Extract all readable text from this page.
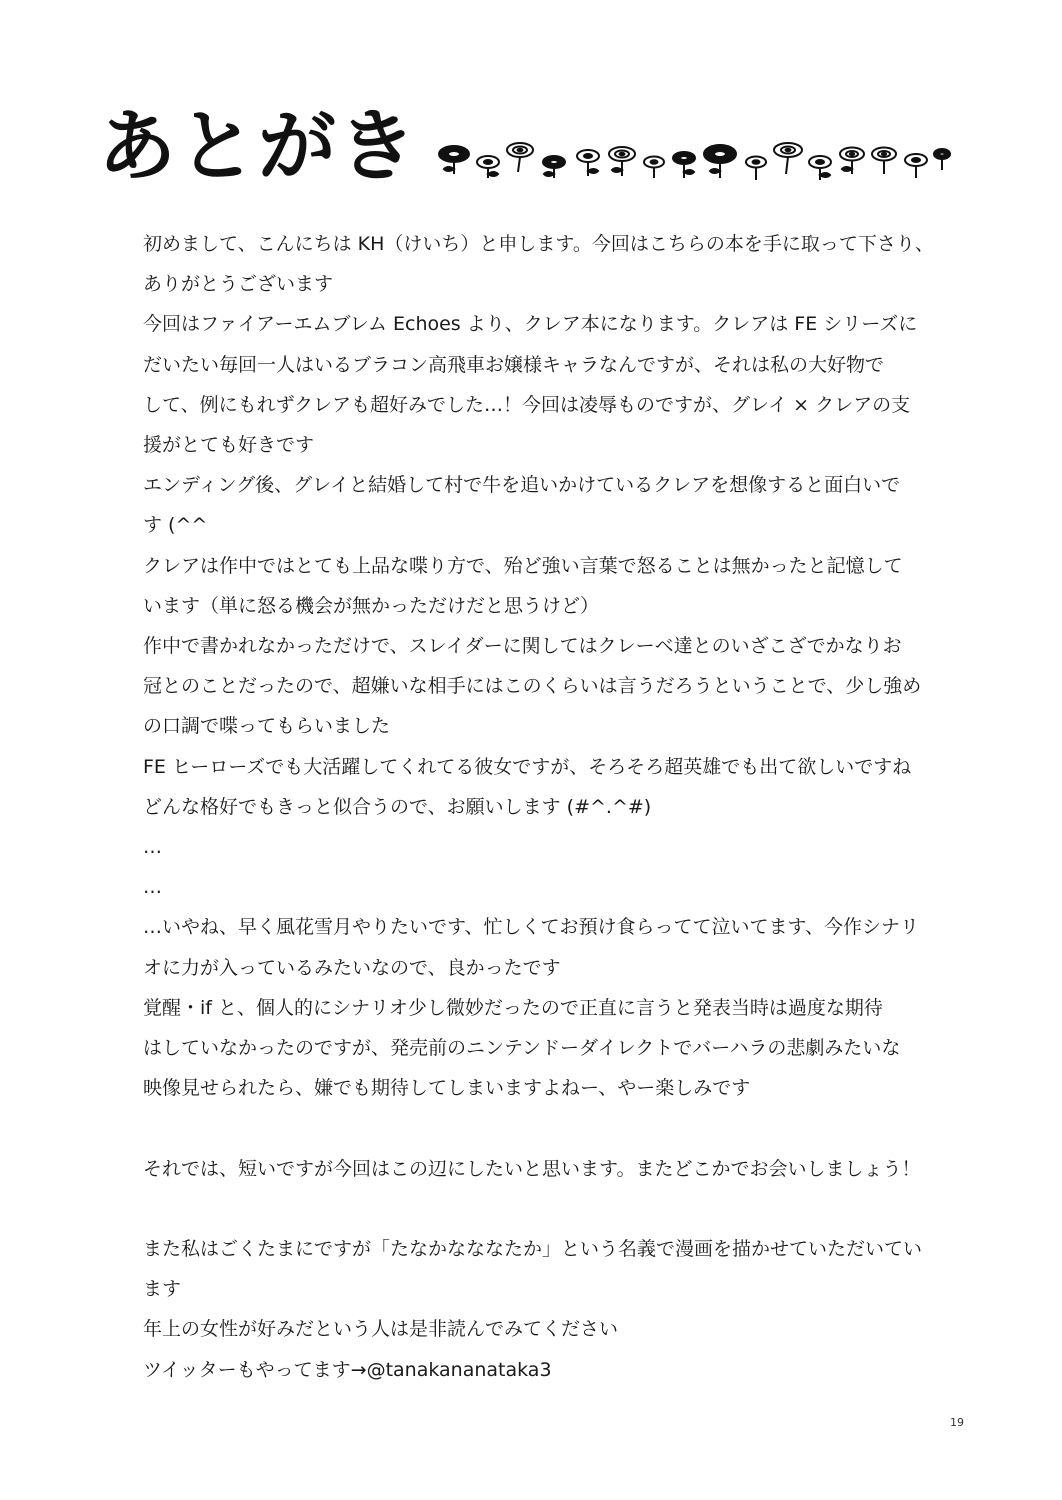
あとがき
初めまして、こんにちは KH（けいち）と申します。今回はこちらの本を手に取って下さり、
ありがとうございます
今回はファイアーエムブレム Echoes より、クレア本になります。クレアは FE シリーズに
だいたい毎回一人はいるブラコン高飛車お嬢様キャラなんですが、それは私の大好物で
して、例にもれずクレアも超好みでした…！今回は凌辱ものですが、グレイ × クレアの支
援がとても好きです
エンディング後、グレイと結婚して村で牛を追いかけているクレアを想像すると面白いで
す (^^
クレアは作中ではとても上品な喋り方で、殆ど強い言葉で怒ることは無かったと記憶して
います（単に怒る機会が無かっただけだと思うけど）
作中で書かれなかっただけで、スレイダーに関してはクレーベ達とのいざこざでかなりお
冠とのことだったので、超嫌いな相手にはこのくらいは言うだろうということで、少し強め
の口調で喋ってもらいました
FE ヒーローズでも大活躍してくれてる彼女ですが、そろそろ超英雄でも出て欲しいですね
どんな格好でもきっと似合うので、お願いします (#^.^#)
…
…
…いやね、早く風花雪月やりたいです、忙しくてお預け食らってて泣いてます、今作シナリ
オに力が入っているみたいなので、良かったです
覚醒・if と、個人的にシナリオ少し微妙だったので正直に言うと発表当時は過度な期待
はしていなかったのですが、発売前のニンテンドーダイレクトでバーハラの悲劇みたいな
映像見せられたら、嫌でも期待してしまいますよねー、やー楽しみです
それでは、短いですが今回はこの辺にしたいと思います。またどこかでお会いしましょう！
また私はごくたまにですが「たなかなななたか」という名義で漫画を描かせていただいてい
ます
年上の女性が好みだという人は是非読んでみてください
ツイッターもやってます→@tanakananataka3
19
